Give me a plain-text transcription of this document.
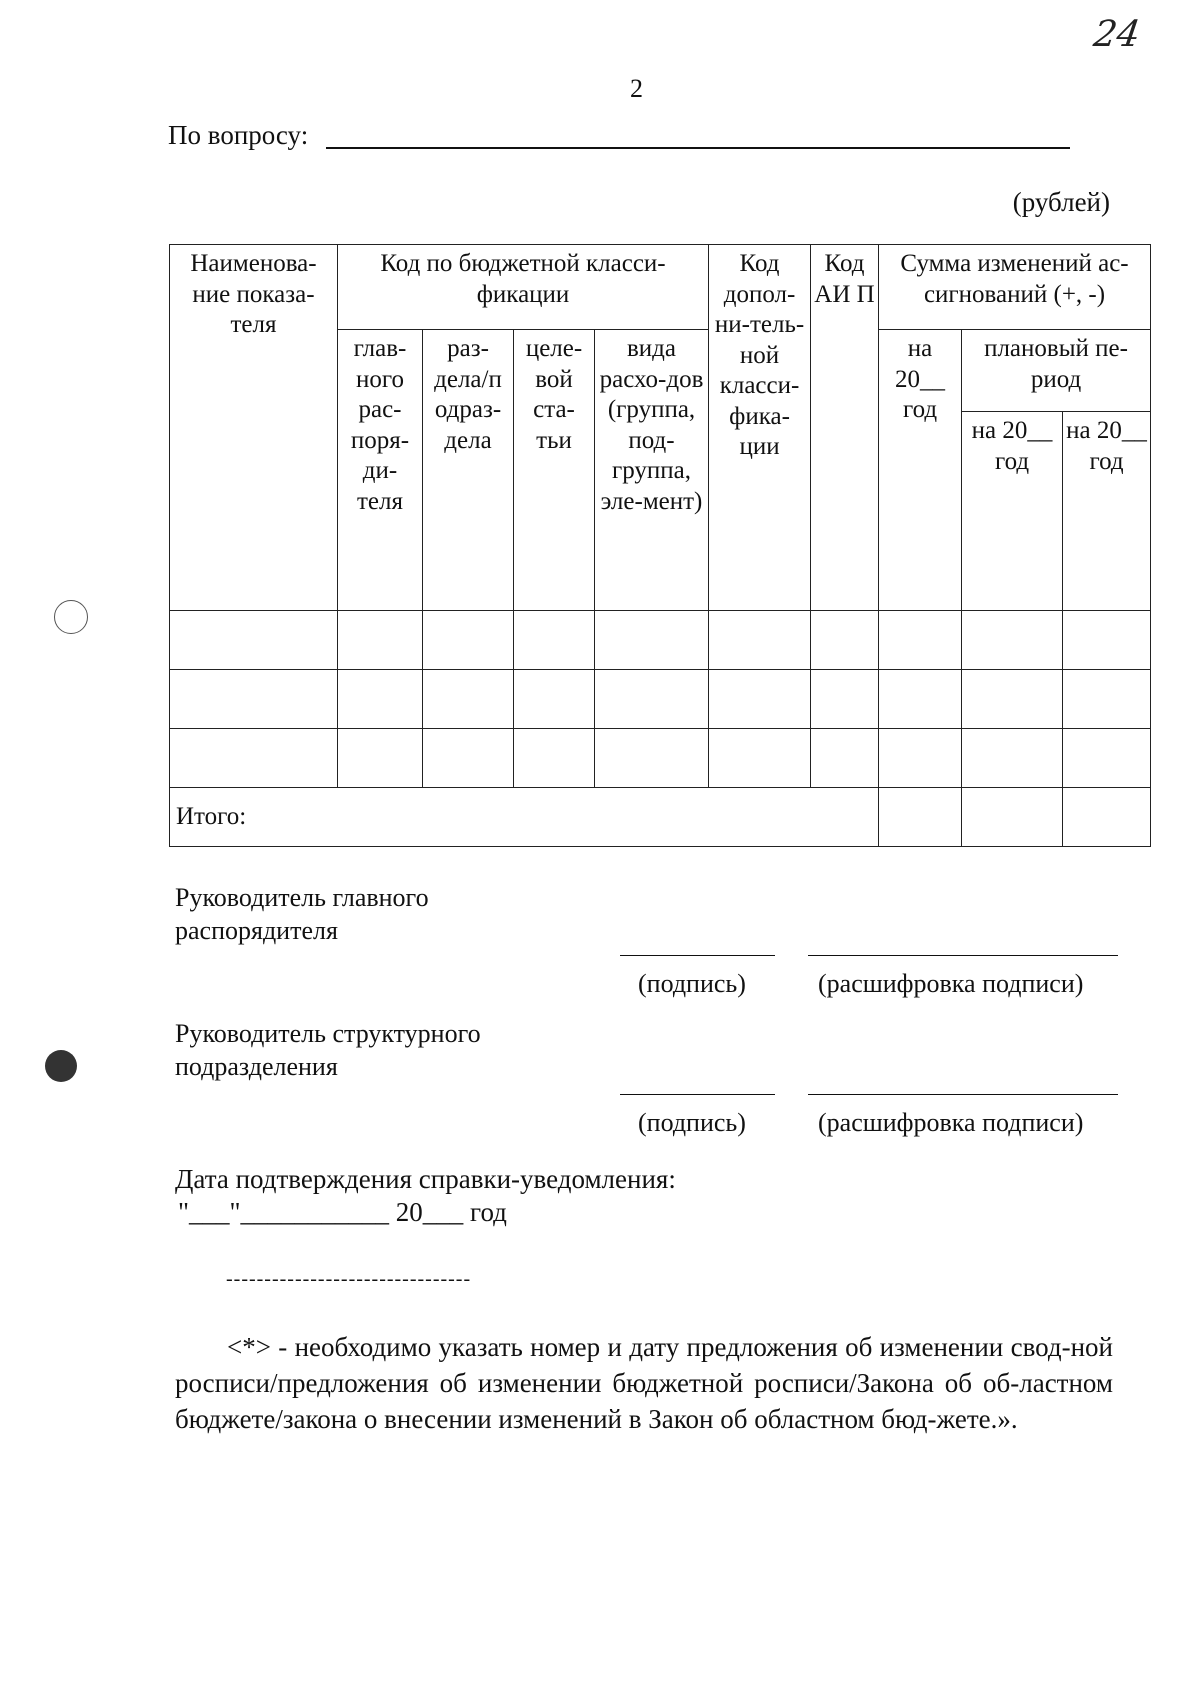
24
2
По вопросу:
(рублей)
Наименова-ние показа-теля	Код по бюджетной класси-фикации				Код допол-ни-тель-ной класси-фика-ции	Код АИ П	Сумма изменений ас-сигнований (+, -)		
	глав-ного рас-поря-ди-теля	раз-дела/п одраз-дела	целе-вой ста-тьи	вида расхо-дов (группа, под-группа, эле-мент)			на 20__ год	плановый пе-риод	
								на 20__ год	на 20__ год

Итого:									
Руководитель главного распорядителя
(подпись)	(расшифровка подписи)
Руководитель структурного подразделения
(подпись)	(расшифровка подписи)
Дата подтверждения справки-уведомления:
"___"___________ 20___ год
--------------------------------
<*> - необходимо указать номер и дату предложения об изменении свод-ной росписи/предложения об изменении бюджетной росписи/Закона об об-ластном бюджете/закона о внесении изменений в Закон об областном бюд-жете.».
